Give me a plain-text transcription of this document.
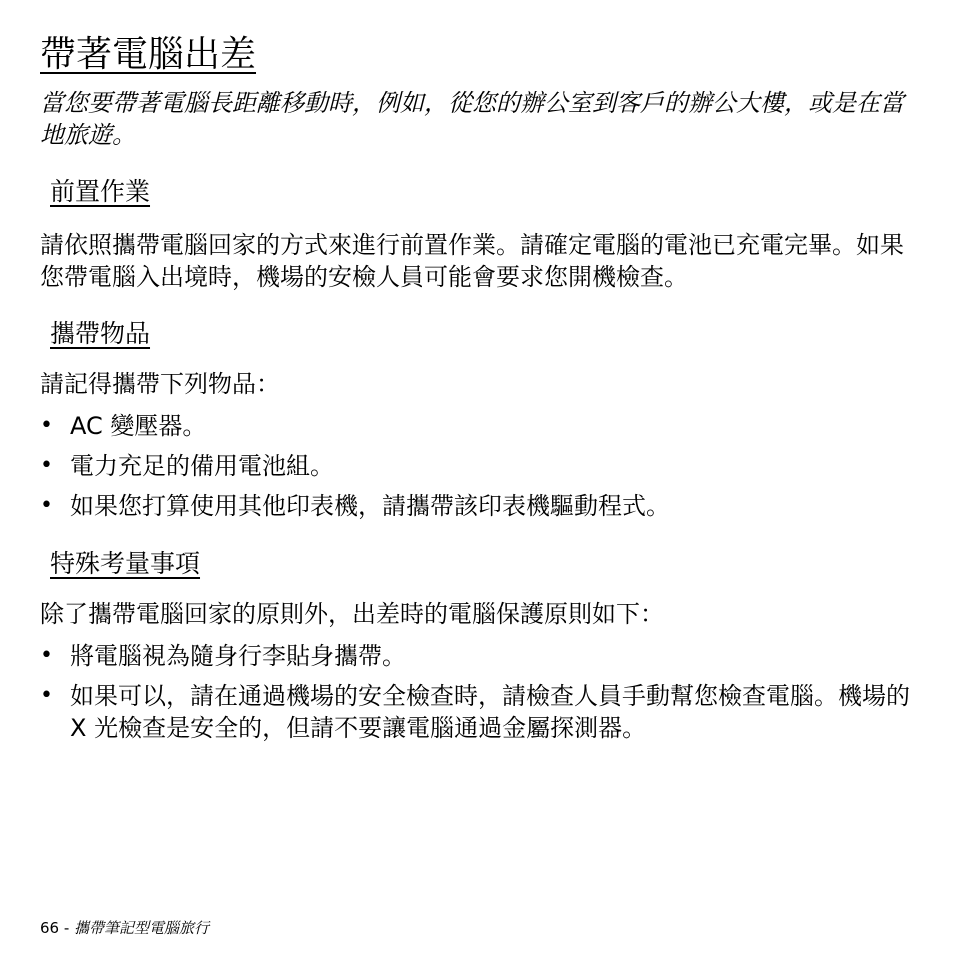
帶著電腦出差

當您要帶著電腦長距離移動時，例如，從您的辦公室到客戶的辦公大樓，或是在當地旅遊。

前置作業

請依照攜帶電腦回家的方式來進行前置作業。請確定電腦的電池已充電完畢。如果您帶電腦入出境時，機場的安檢人員可能會要求您開機檢查。

攜帶物品

請記得攜帶下列物品：

• AC 變壓器。
• 電力充足的備用電池組。
• 如果您打算使用其他印表機，請攜帶該印表機驅動程式。
特殊考量事項

除了攜帶電腦回家的原則外，出差時的電腦保護原則如下：

• 將電腦視為隨身行李貼身攜帶。
• 如果可以，請在通過機場的安全檢查時，請檢查人員手動幫您檢查電腦。機場的 X 光檢查是安全的，但請不要讓電腦通過金屬探測器。

66 - 攜帶筆記型電腦旅行
